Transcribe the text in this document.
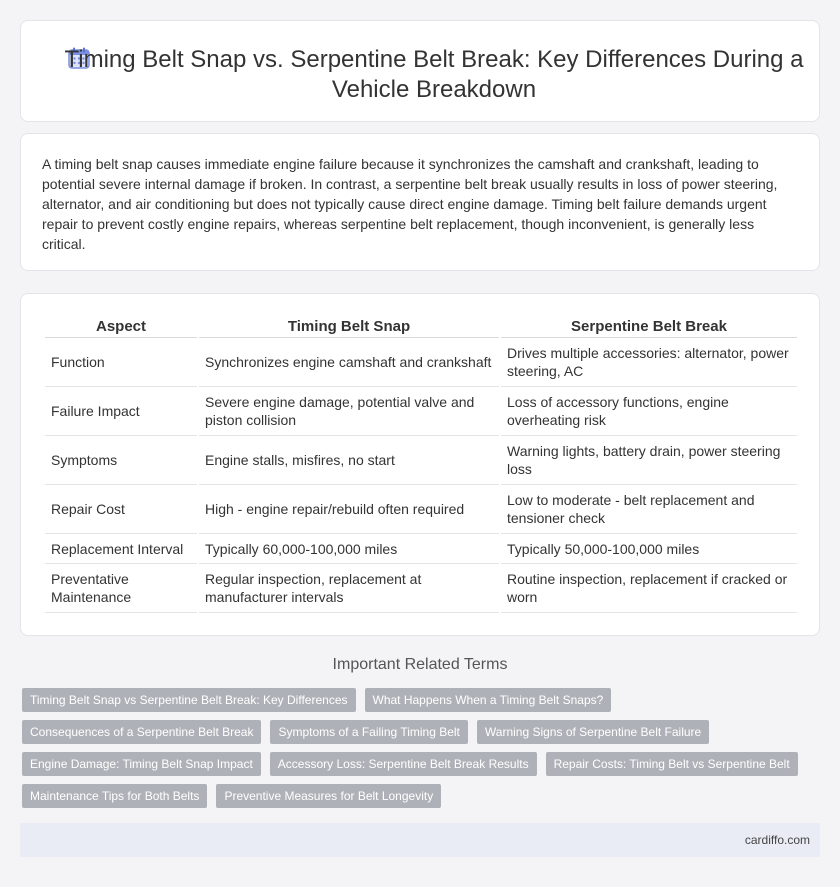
Timing Belt Snap vs. Serpentine Belt Break: Key Differences During a Vehicle Breakdown

A timing belt snap causes immediate engine failure because it synchronizes the camshaft and crankshaft, leading to potential severe internal damage if broken. In contrast, a serpentine belt break usually results in loss of power steering, alternator, and air conditioning but does not typically cause direct engine damage. Timing belt failure demands urgent repair to prevent costly engine repairs, whereas serpentine belt replacement, though inconvenient, is generally less critical.

Aspect	Timing Belt Snap	Serpentine Belt Break
Function	Synchronizes engine camshaft and crankshaft	Drives multiple accessories: alternator, power steering, AC
Failure Impact	Severe engine damage, potential valve and piston collision	Loss of accessory functions, engine overheating risk
Symptoms	Engine stalls, misfires, no start	Warning lights, battery drain, power steering loss
Repair Cost	High - engine repair/rebuild often required	Low to moderate - belt replacement and tensioner check
Replacement Interval	Typically 60,000-100,000 miles	Typically 50,000-100,000 miles
Preventative Maintenance	Regular inspection, replacement at manufacturer intervals	Routine inspection, replacement if cracked or worn
Important Related Terms
Timing Belt Snap vs Serpentine Belt Break: Key Differences	What Happens When a Timing Belt Snaps?
Consequences of a Serpentine Belt Break	Symptoms of a Failing Timing Belt	Warning Signs of Serpentine Belt Failure
Engine Damage: Timing Belt Snap Impact	Accessory Loss: Serpentine Belt Break Results	Repair Costs: Timing Belt vs Serpentine Belt
Maintenance Tips for Both Belts	Preventive Measures for Belt Longevity
cardiffo.com
